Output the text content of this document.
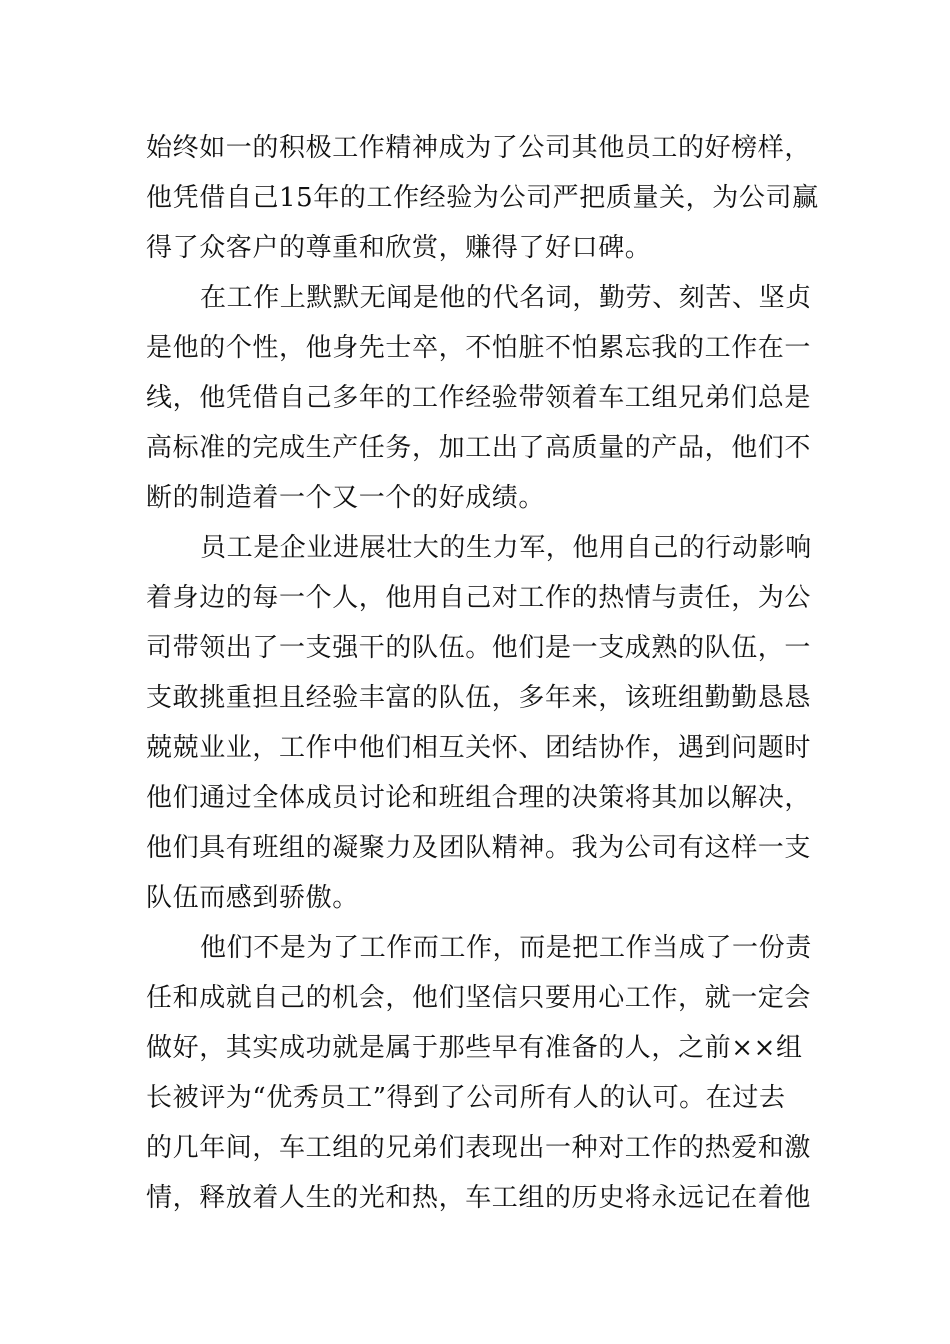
始终如一的积极工作精神成为了公司其他员工的好榜样，
他凭借自己15年的工作经验为公司严把质量关，为公司赢
得了众客户的尊重和欣赏，赚得了好口碑。
在工作上默默无闻是他的代名词，勤劳、刻苦、坚贞
是他的个性，他身先士卒，不怕脏不怕累忘我的工作在一
线，他凭借自己多年的工作经验带领着车工组兄弟们总是
高标准的完成生产任务，加工出了高质量的产品，他们不
断的制造着一个又一个的好成绩。
员工是企业进展壮大的生力军，他用自己的行动影响
着身边的每一个人，他用自己对工作的热情与责任，为公
司带领出了一支强干的队伍。他们是一支成熟的队伍，一
支敢挑重担且经验丰富的队伍，多年来，该班组勤勤恳恳
兢兢业业，工作中他们相互关怀、团结协作，遇到问题时
他们通过全体成员讨论和班组合理的决策将其加以解决，
他们具有班组的凝聚力及团队精神。我为公司有这样一支
队伍而感到骄傲。
他们不是为了工作而工作，而是把工作当成了一份责
任和成就自己的机会，他们坚信只要用心工作，就一定会
做好，其实成功就是属于那些早有准备的人，之前××组
长被评为“优秀员工”得到了公司所有人的认可。在过去
的几年间，车工组的兄弟们表现出一种对工作的热爱和激
情，释放着人生的光和热，车工组的历史将永远记在着他
